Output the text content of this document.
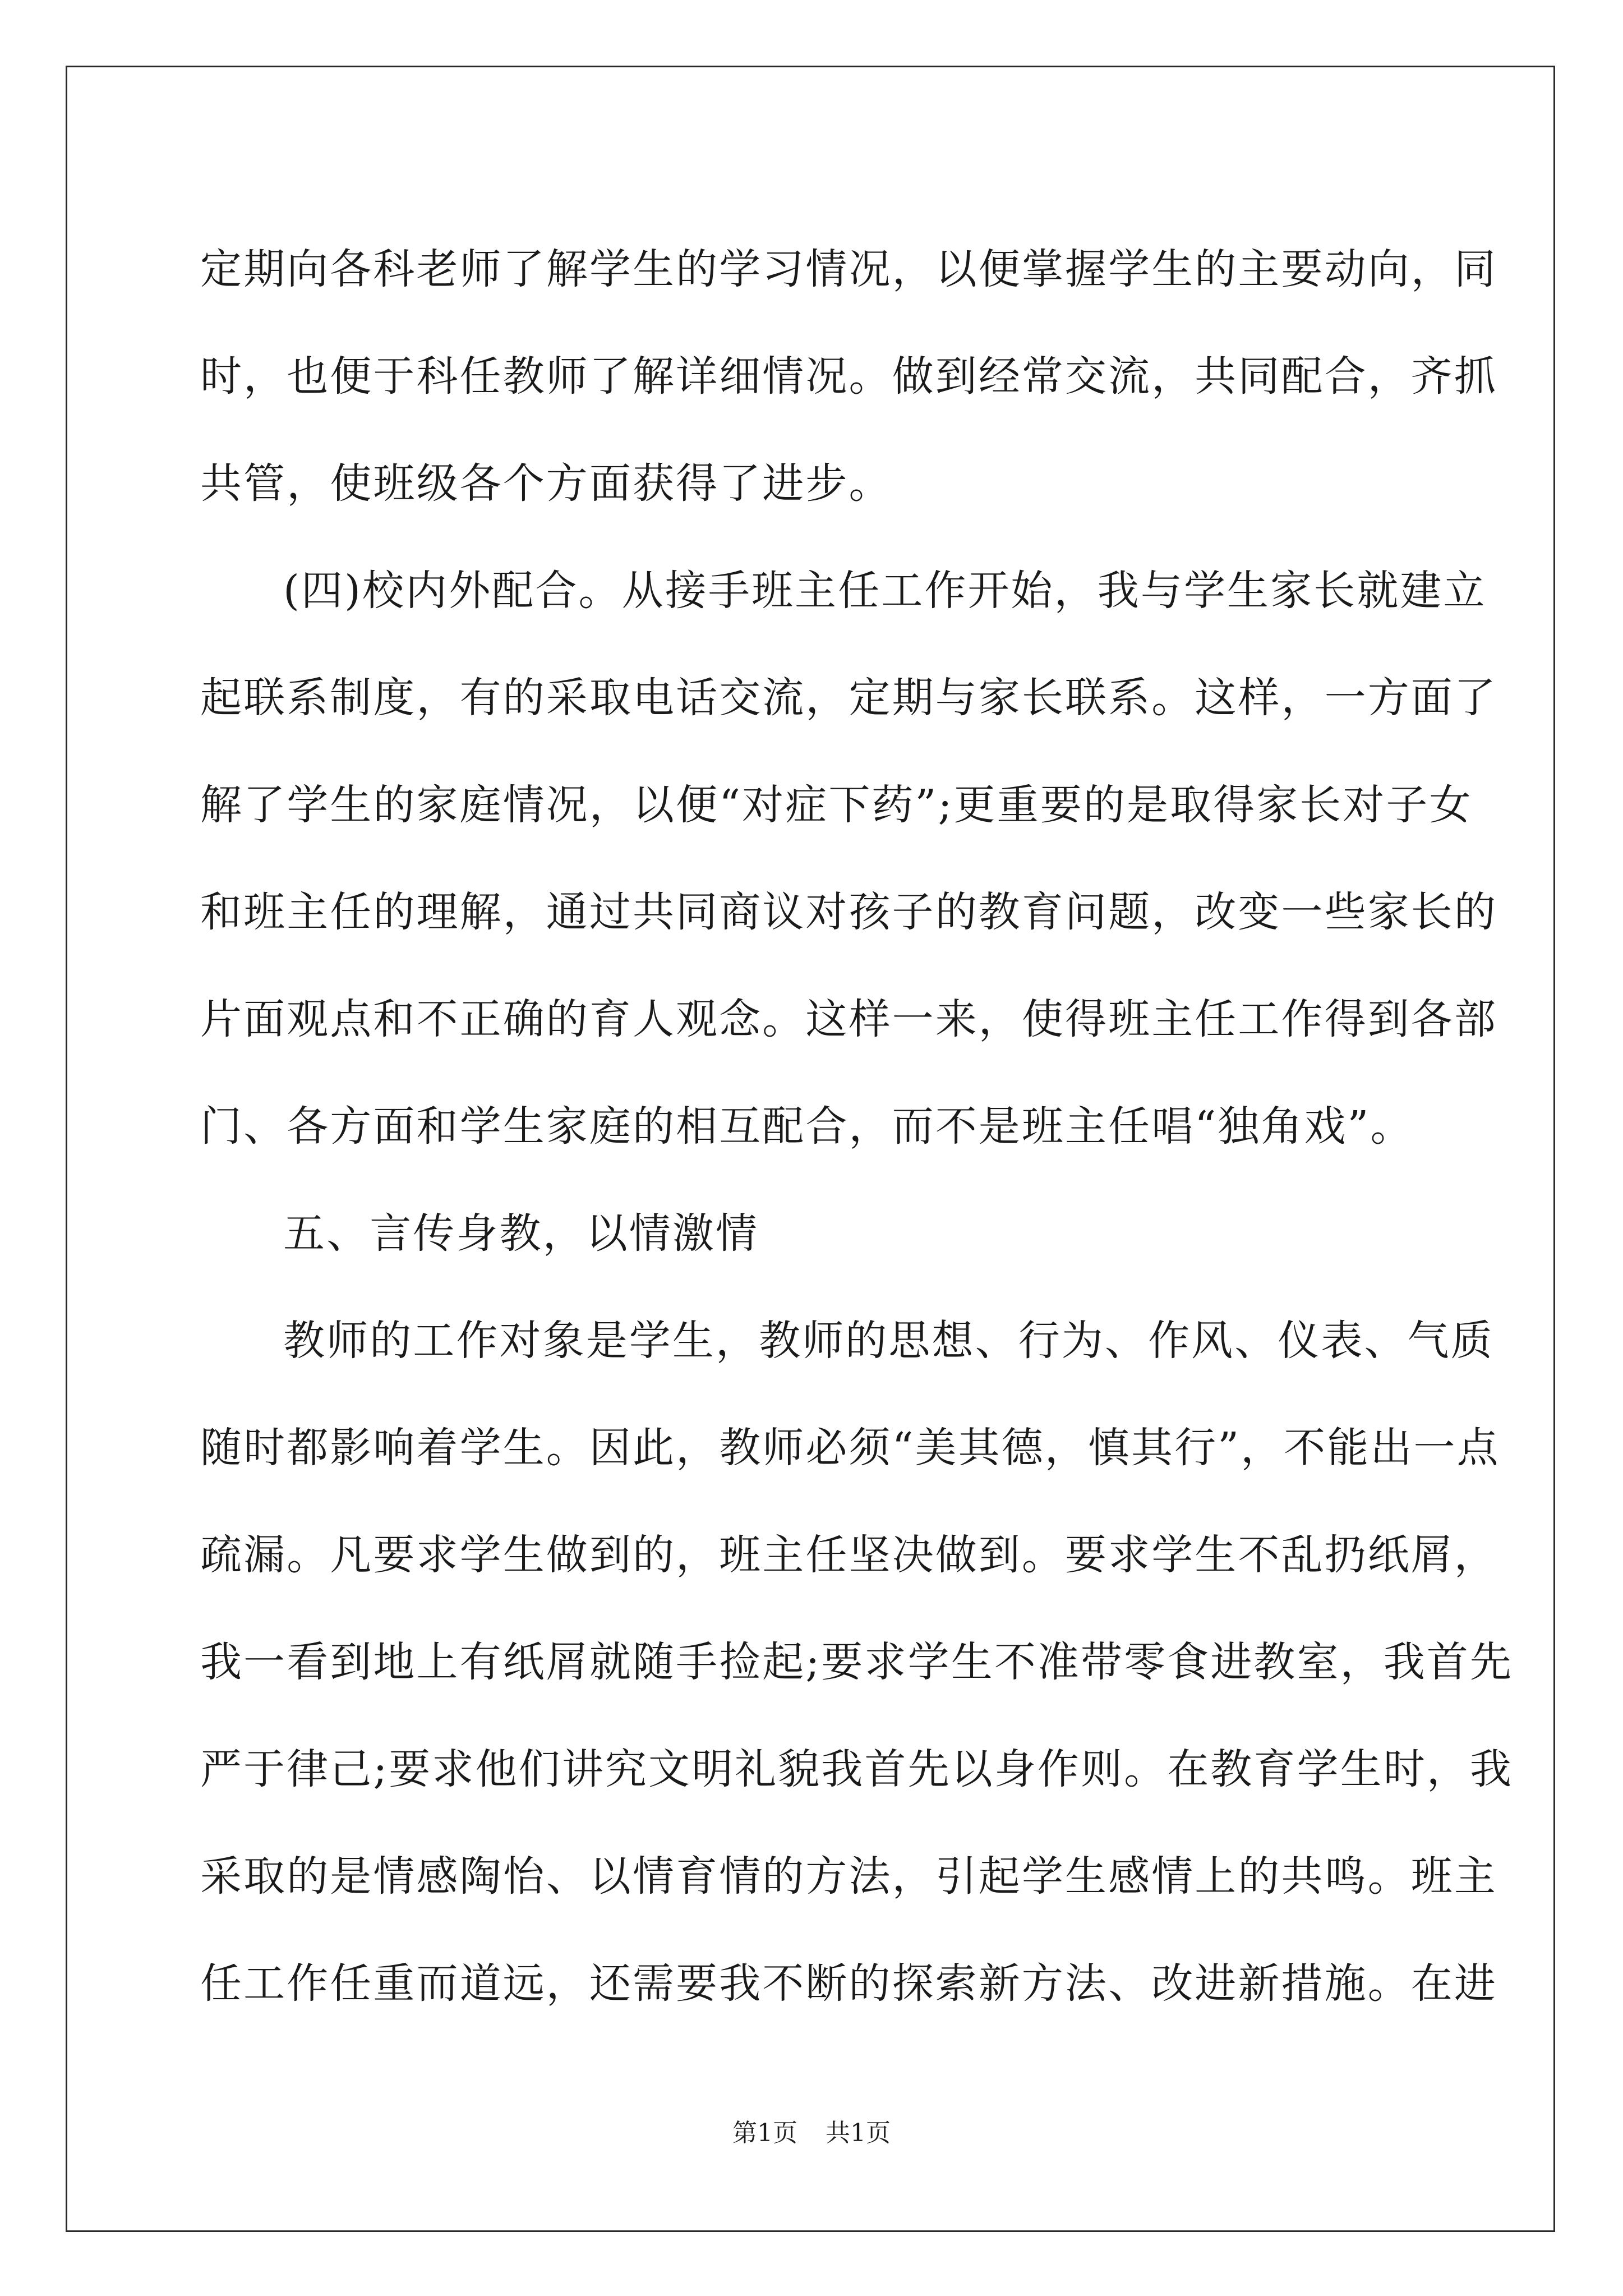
定期向各科老师了解学生的学习情况，以便掌握学生的主要动向，同
时，也便于科任教师了解详细情况。做到经常交流，共同配合，齐抓
共管，使班级各个方面获得了进步。
(四)校内外配合。从接手班主任工作开始，我与学生家长就建立
起联系制度，有的采取电话交流，定期与家长联系。这样，一方面了
解了学生的家庭情况，以便“对症下药”;更重要的是取得家长对子女
和班主任的理解，通过共同商议对孩子的教育问题，改变一些家长的
片面观点和不正确的育人观念。这样一来，使得班主任工作得到各部
门、各方面和学生家庭的相互配合，而不是班主任唱“独角戏”。
五、言传身教，以情激情
教师的工作对象是学生，教师的思想、行为、作风、仪表、气质
随时都影响着学生。因此，教师必须“美其德，慎其行”，不能出一点
疏漏。凡要求学生做到的，班主任坚决做到。要求学生不乱扔纸屑，
我一看到地上有纸屑就随手捡起;要求学生不准带零食进教室，我首先
严于律己;要求他们讲究文明礼貌我首先以身作则。在教育学生时，我
采取的是情感陶怡、以情育情的方法，引起学生感情上的共鸣。班主
任工作任重而道远，还需要我不断的探索新方法、改进新措施。在进
第1页 共1页
